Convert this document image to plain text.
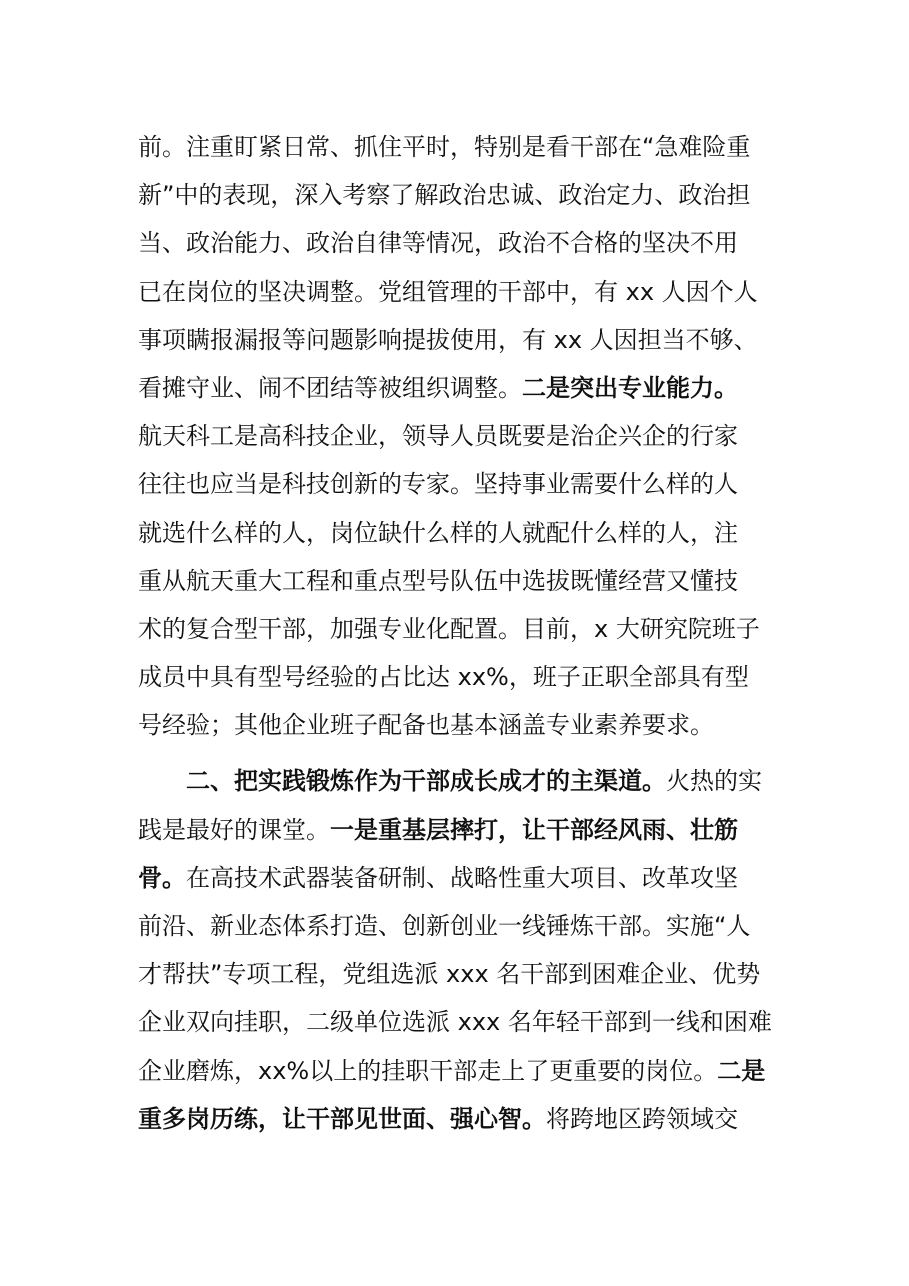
前。注重盯紧日常、抓住平时，特别是看干部在“急难险重
新”中的表现，深入考察了解政治忠诚、政治定力、政治担
当、政治能力、政治自律等情况，政治不合格的坚决不用
已在岗位的坚决调整。党组管理的干部中，有 xx 人因个人
事项瞒报漏报等问题影响提拔使用，有 xx 人因担当不够、
看摊守业、闹不团结等被组织调整。二是突出专业能力。
航天科工是高科技企业，领导人员既要是治企兴企的行家
往往也应当是科技创新的专家。坚持事业需要什么样的人
就选什么样的人，岗位缺什么样的人就配什么样的人，注
重从航天重大工程和重点型号队伍中选拔既懂经营又懂技
术的复合型干部，加强专业化配置。目前，x 大研究院班子
成员中具有型号经验的占比达 xx%，班子正职全部具有型
号经验；其他企业班子配备也基本涵盖专业素养要求。
二、把实践锻炼作为干部成长成才的主渠道。火热的实
践是最好的课堂。一是重基层摔打，让干部经风雨、壮筋
骨。在高技术武器装备研制、战略性重大项目、改革攻坚
前沿、新业态体系打造、创新创业一线锤炼干部。实施“人
才帮扶”专项工程，党组选派 xxx 名干部到困难企业、优势
企业双向挂职，二级单位选派 xxx 名年轻干部到一线和困难
企业磨炼，xx%以上的挂职干部走上了更重要的岗位。二是
重多岗历练，让干部见世面、强心智。将跨地区跨领域交
